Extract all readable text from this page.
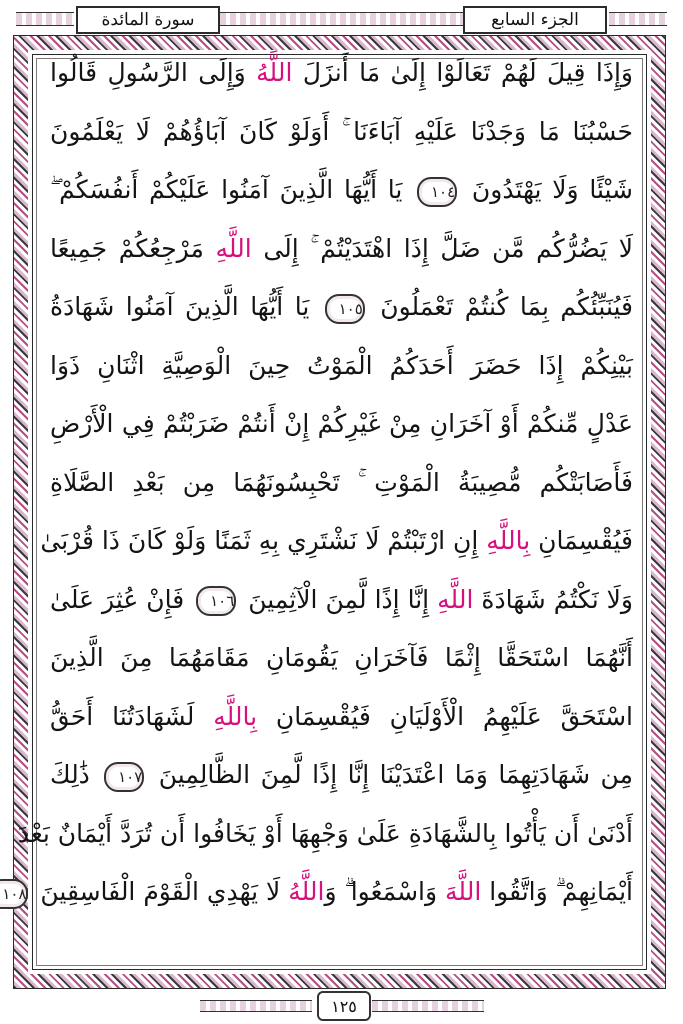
سورة المائدة	الجزء السابع
وَإِذَا قِيلَ لَهُمْ تَعَالَوْا إِلَىٰ مَا أَنزَلَ اللَّهُ وَإِلَى الرَّسُولِ قَالُوا
حَسْبُنَا مَا وَجَدْنَا عَلَيْهِ آبَاءَنَا ۚ أَوَلَوْ كَانَ آبَاؤُهُمْ لَا يَعْلَمُونَ
شَيْئًا وَلَا يَهْتَدُونَ ١٠٤ يَا أَيُّهَا الَّذِينَ آمَنُوا عَلَيْكُمْ أَنفُسَكُمْ ۖ
لَا يَضُرُّكُم مَّن ضَلَّ إِذَا اهْتَدَيْتُمْ ۚ إِلَى اللَّهِ مَرْجِعُكُمْ جَمِيعًا
فَيُنَبِّئُكُم بِمَا كُنتُمْ تَعْمَلُونَ ١٠٥ يَا أَيُّهَا الَّذِينَ آمَنُوا شَهَادَةُ
بَيْنِكُمْ إِذَا حَضَرَ أَحَدَكُمُ الْمَوْتُ حِينَ الْوَصِيَّةِ اثْنَانِ ذَوَا
عَدْلٍ مِّنكُمْ أَوْ آخَرَانِ مِنْ غَيْرِكُمْ إِنْ أَنتُمْ ضَرَبْتُمْ فِي الْأَرْضِ
فَأَصَابَتْكُم مُّصِيبَةُ الْمَوْتِ ۚ تَحْبِسُونَهُمَا مِن بَعْدِ الصَّلَاةِ
فَيُقْسِمَانِ بِاللَّهِ إِنِ ارْتَبْتُمْ لَا نَشْتَرِي بِهِ ثَمَنًا وَلَوْ كَانَ ذَا قُرْبَىٰ
وَلَا نَكْتُمُ شَهَادَةَ اللَّهِ إِنَّا إِذًا لَّمِنَ الْآثِمِينَ ١٠٦ فَإِنْ عُثِرَ عَلَىٰ
أَنَّهُمَا اسْتَحَقَّا إِثْمًا فَآخَرَانِ يَقُومَانِ مَقَامَهُمَا مِنَ الَّذِينَ
اسْتَحَقَّ عَلَيْهِمُ الْأَوْلَيَانِ فَيُقْسِمَانِ بِاللَّهِ لَشَهَادَتُنَا أَحَقُّ
مِن شَهَادَتِهِمَا وَمَا اعْتَدَيْنَا إِنَّا إِذًا لَّمِنَ الظَّالِمِينَ ١٠٧ ذَٰلِكَ
أَدْنَىٰ أَن يَأْتُوا بِالشَّهَادَةِ عَلَىٰ وَجْهِهَا أَوْ يَخَافُوا أَن تُرَدَّ أَيْمَانٌ بَعْدَ
أَيْمَانِهِمْ ۗ وَاتَّقُوا اللَّهَ وَاسْمَعُوا ۗ وَاللَّهُ لَا يَهْدِي الْقَوْمَ الْفَاسِقِينَ ١٠٨
١٢٥
